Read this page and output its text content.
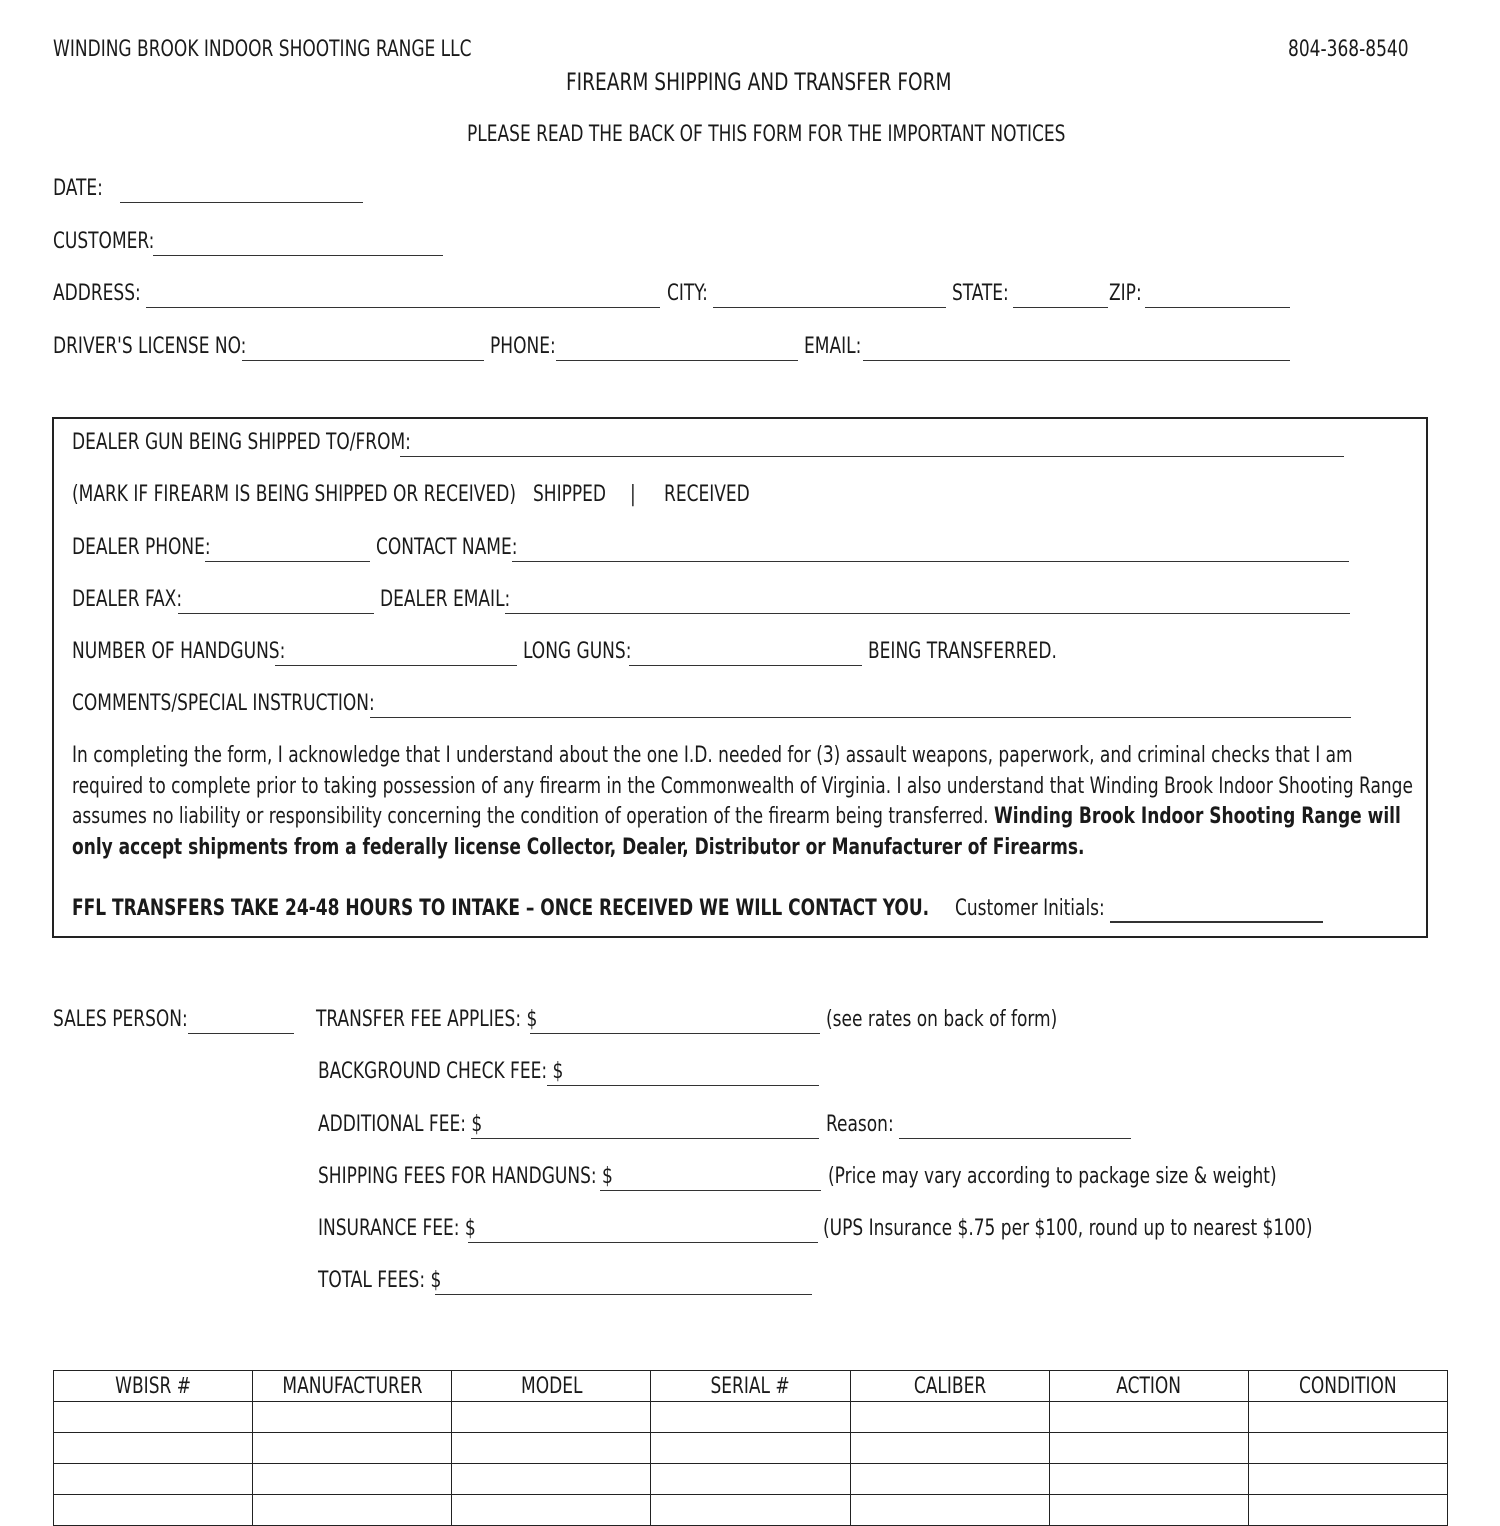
WINDING BROOK INDOOR SHOOTING RANGE LLC	804-368-8540
FIREARM SHIPPING AND TRANSFER FORM
PLEASE READ THE BACK OF THIS FORM FOR THE IMPORTANT NOTICES
DATE:
CUSTOMER:
ADDRESS:	CITY:	STATE:	ZIP:
DRIVER'S LICENSE NO:	PHONE:	EMAIL:
DEALER GUN BEING SHIPPED TO/FROM:
(MARK IF FIREARM IS BEING SHIPPED OR RECEIVED) SHIPPED	| RECEIVED
DEALER PHONE:	CONTACT NAME:
DEALER FAX:	DEALER EMAIL:
NUMBER OF HANDGUNS:	LONG GUNS:	BEING TRANSFERRED.
COMMENTS/SPECIAL INSTRUCTION:
In completing the form, I acknowledge that I understand about the one I.D. needed for (3) assault weapons, paperwork, and criminal checks that I am required to complete prior to taking possession of any firearm in the Commonwealth of Virginia. I also understand that Winding Brook Indoor Shooting Range assumes no liability or responsibility concerning the condition of operation of the firearm being transferred. Winding Brook Indoor Shooting Range will only accept shipments from a federally license Collector, Dealer, Distributor or Manufacturer of Firearms.
FFL TRANSFERS TAKE 24-48 HOURS TO INTAKE – ONCE RECEIVED WE WILL CONTACT YOU.	Customer Initials:
SALES PERSON:	TRANSFER FEE APPLIES: $	(see rates on back of form)
BACKGROUND CHECK FEE: $
ADDITIONAL FEE: $	Reason:
SHIPPING FEES FOR HANDGUNS: $	(Price may vary according to package size & weight)
INSURANCE FEE: $	(UPS Insurance $.75 per $100, round up to nearest $100)
TOTAL FEES: $
WBISR #	MANUFACTURER	MODEL	SERIAL #	CALIBER	ACTION	CONDITION
